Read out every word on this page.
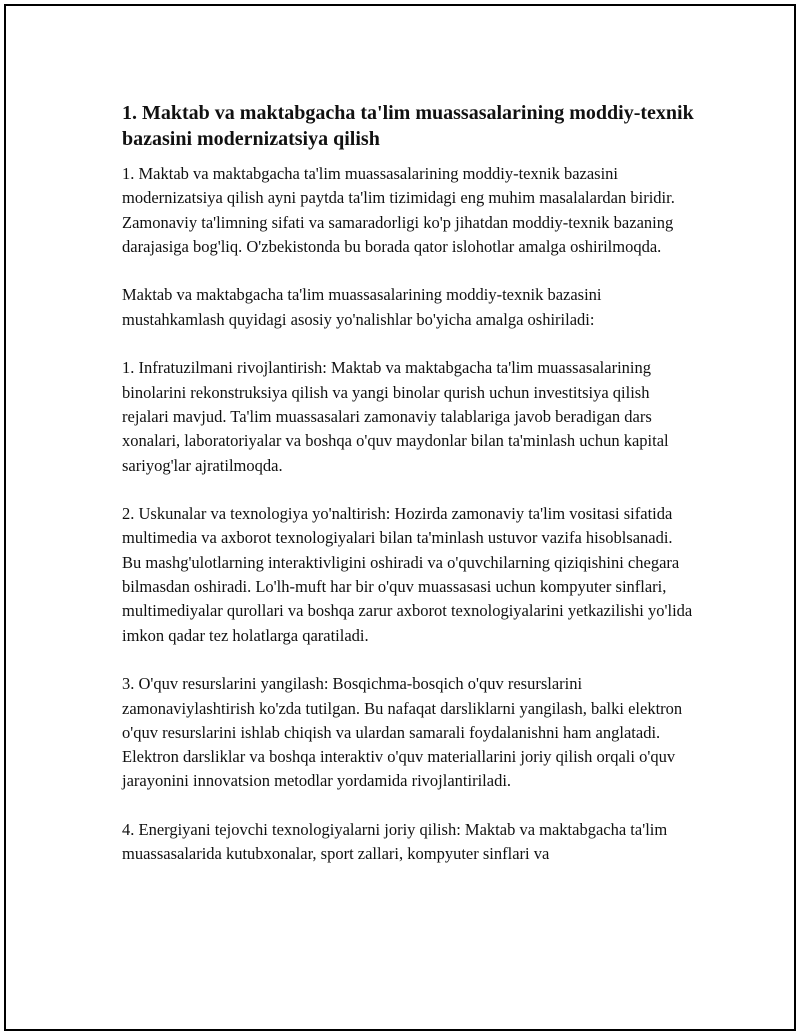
1. Maktab va maktabgacha ta'lim muassasalarining moddiy-texnik bazasini modernizatsiya qilish

1. Maktab va maktabgacha ta'lim muassasalarining moddiy-texnik bazasini modernizatsiya qilish ayni paytda ta'lim tizimidagi eng muhim masalalardan biridir. Zamonaviy ta'limning sifati va samaradorligi ko'p jihatdan moddiy-texnik bazaning darajasiga bog'liq. O'zbekistonda bu borada qator islohotlar amalga oshirilmoqda.

Maktab va maktabgacha ta'lim muassasalarining moddiy-texnik bazasini mustahkamlash quyidagi asosiy yo'nalishlar bo'yicha amalga oshiriladi:

1. Infratuzilmani rivojlantirish: Maktab va maktabgacha ta'lim muassasalarining binolarini rekonstruksiya qilish va yangi binolar qurish uchun investitsiya qilish rejalari mavjud. Ta'lim muassasalari zamonaviy talablariga javob beradigan dars xonalari, laboratoriyalar va boshqa o'quv maydonlar bilan ta'minlash uchun kapital sariyog'lar ajratilmoqda.

2. Uskunalar va texnologiya yo'naltirish: Hozirda zamonaviy ta'lim vositasi sifatida multimedia va axborot texnologiyalari bilan ta'minlash ustuvor vazifa hisoblsanadi. Bu mashg'ulotlarning interaktivligini oshiradi va o'quvchilarning qiziqishini chegara bilmasdan oshiradi. Lo'lh-muft har bir o'quv muassasasi uchun kompyuter sinflari, multimediyalar qurollari va boshqa zarur axborot texnologiyalarini yetkazilishi yo'lida imkon qadar tez holatlarga qaratiladi.

3. O'quv resurslarini yangilash: Bosqichma-bosqich o'quv resurslarini zamonaviylashtirish ko'zda tutilgan. Bu nafaqat darsliklarni yangilash, balki elektron o'quv resurslarini ishlab chiqish va ulardan samarali foydalanishni ham anglatadi. Elektron darsliklar va boshqa interaktiv o'quv materiallarini joriy qilish orqali o'quv jarayonini innovatsion metodlar yordamida rivojlantiriladi.

4. Energiyani tejovchi texnologiyalarni joriy qilish: Maktab va maktabgacha ta'lim muassasalarida kutubxonalar, sport zallari, kompyuter sinflari va
